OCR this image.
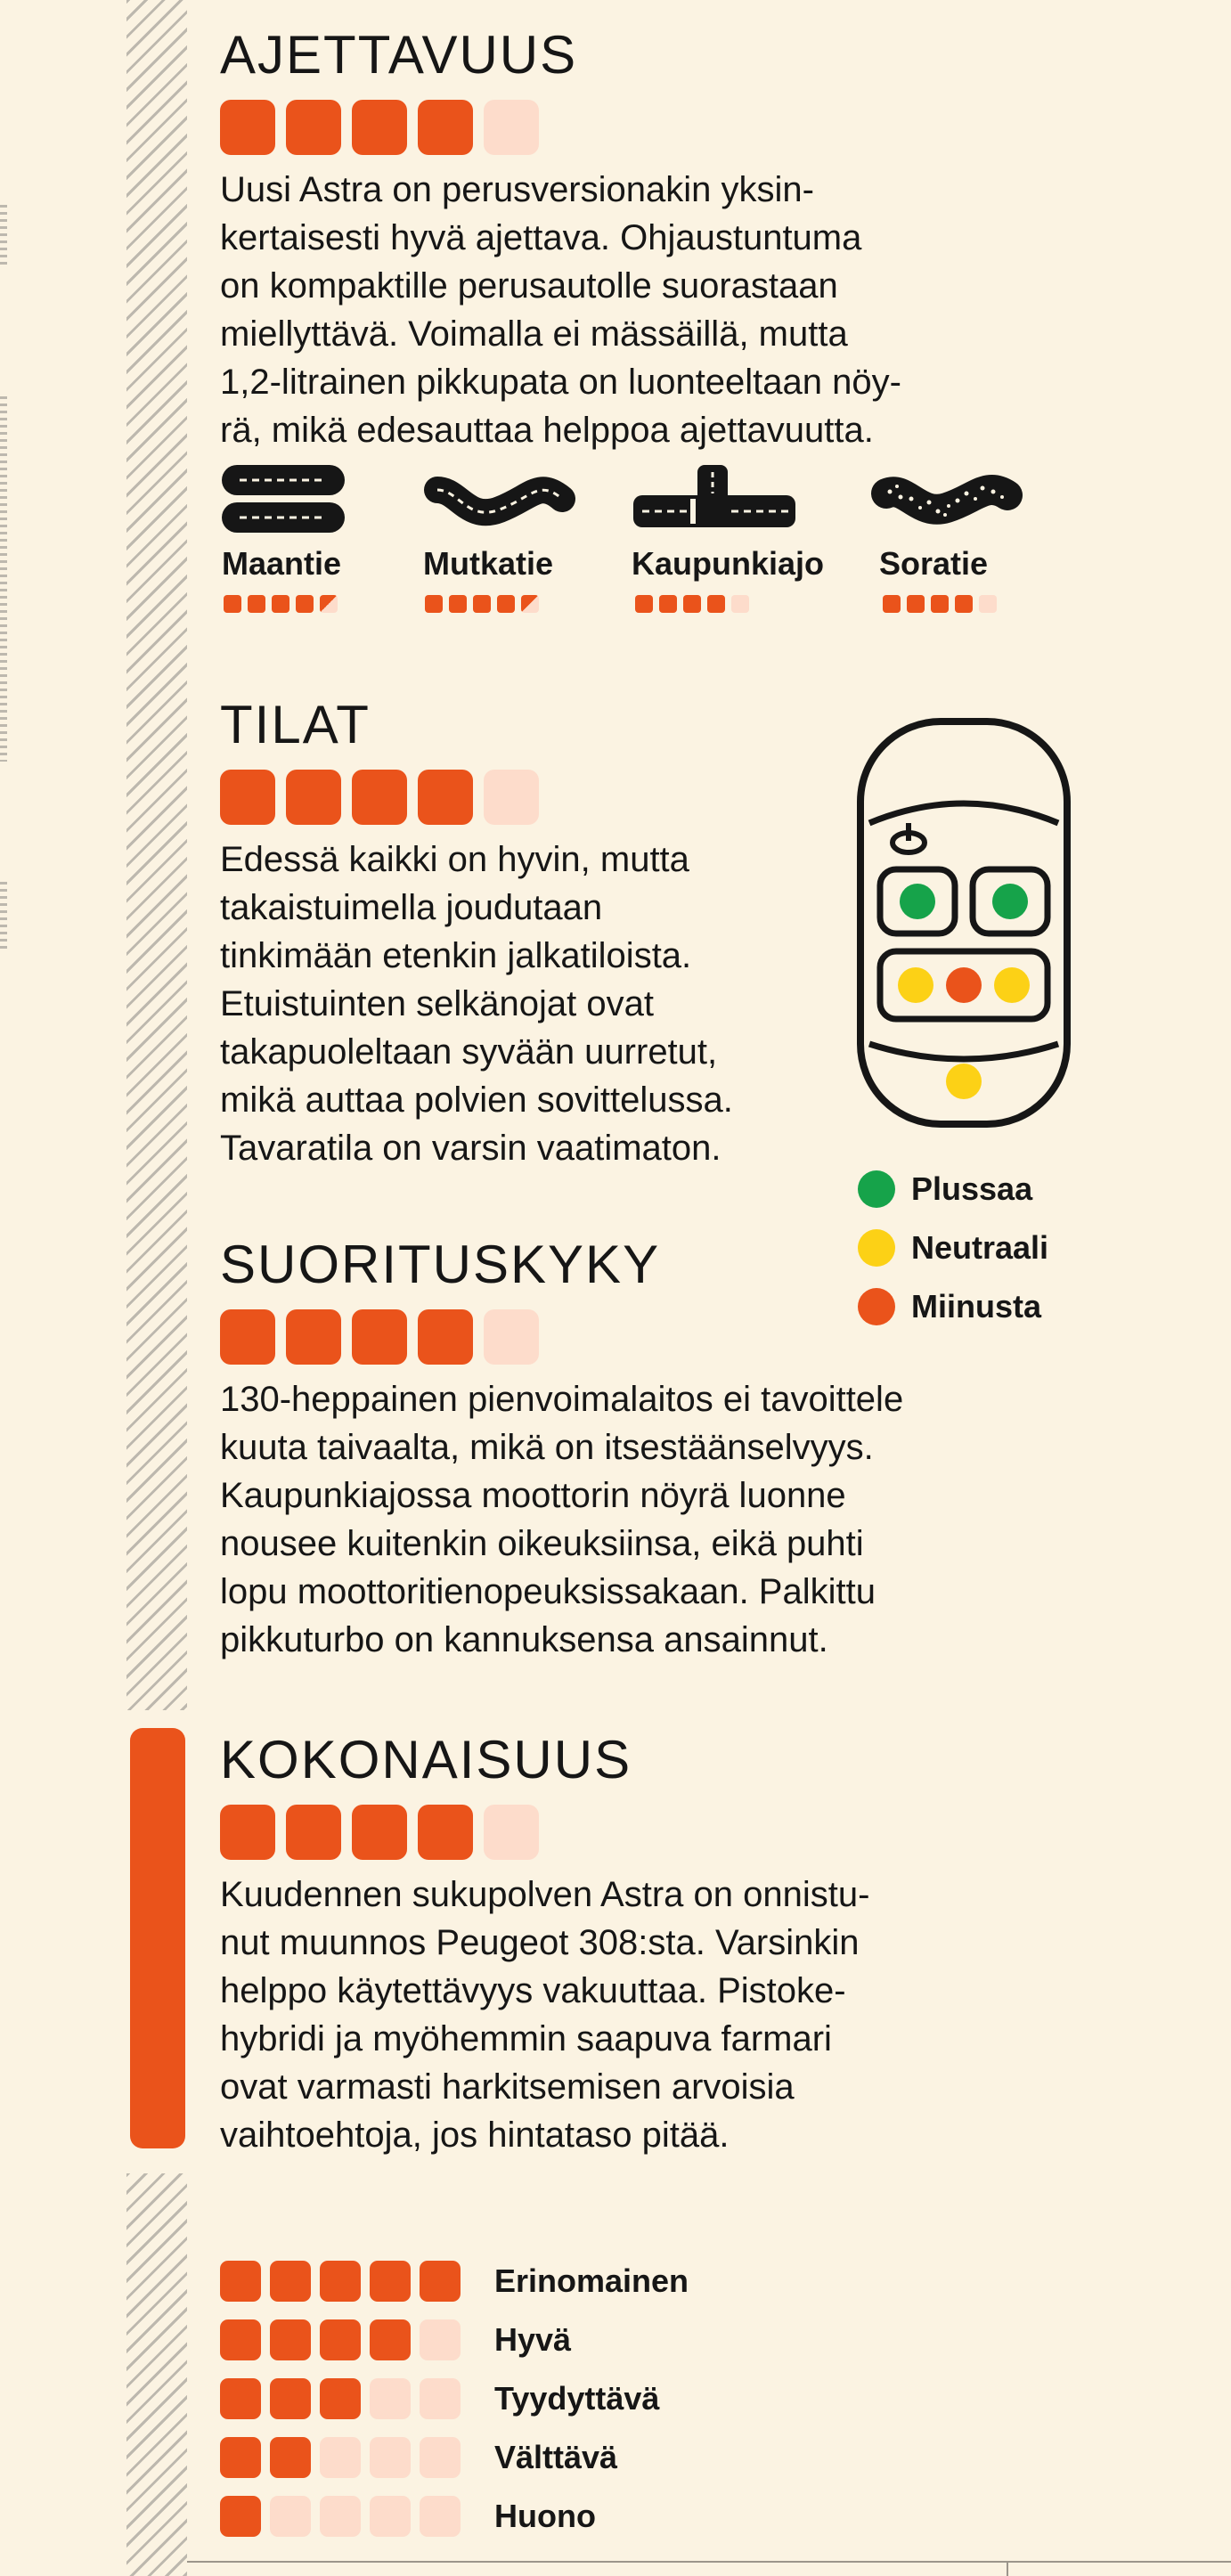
AJETTAVUUS
Uusi Astra on perusversionakin yksin-
kertaisesti hyvä ajettava. Ohjaustuntuma
on kompaktille perusautolle suorastaan
miellyttävä. Voimalla ei mässäillä, mutta
1,2-litrainen pikkupata on luonteeltaan nöy-
rä, mikä edesauttaa helppoa ajettavuutta.
Maantie	Mutkatie Kaupunkiajo Soratie
TILAT
Edessä kaikki on hyvin, mutta
takaistuimella joudutaan
tinkimään etenkin jalkatiloista.
Etuistuinten selkänojat ovat
takapuoleltaan syvään uurretut,
mikä auttaa polvien sovittelussa.
Tavaratila on varsin vaatimaton.
Plussaa
Neutraali
Miinusta
SUORITUSKYKY
130-heppainen pienvoimalaitos ei tavoittele
kuuta taivaalta, mikä on itsestäänselvyys.
Kaupunkiajossa moottorin nöyrä luonne
nousee kuitenkin oikeuksiinsa, eikä puhti
lopu moottoritienopeuksissakaan. Palkittu
pikkuturbo on kannuksensa ansainnut.
KOKONAISUUS
Kuudennen sukupolven Astra on onnistu-
nut muunnos Peugeot 308:sta. Varsinkin
helppo käytettävyys vakuuttaa. Pistoke-
hybridi ja myöhemmin saapuva farmari
ovat varmasti harkitsemisen arvoisia
vaihtoehtoja, jos hintataso pitää.
Erinomainen
Hyvä
Tyydyttävä
Välttävä
Huono
